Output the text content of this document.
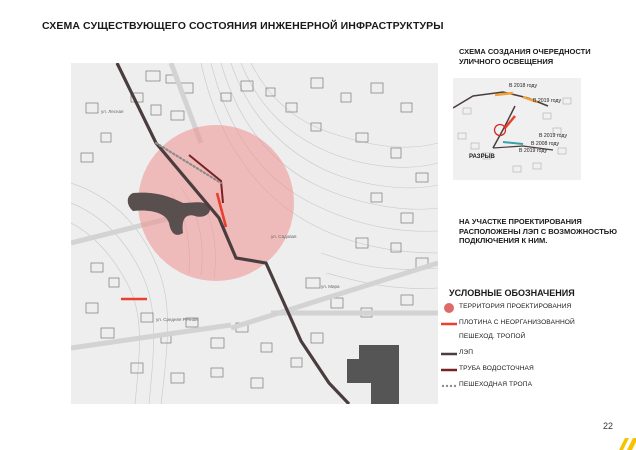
СХЕМА СУЩЕСТВУЮЩЕГО СОСТОЯНИЯ ИНЖЕНЕРНОЙ ИНФРАСТРУКТУРЫ
ул. Лесная
ул. Садовая
ул. Мира
ул. Средняя Речная
СХЕМА СОЗДАНИЯ ОЧЕРЕДНОСТИ
УЛИЧНОГО ОСВЕЩЕНИЯ
В 2018 году
В 2019 году
В 2019 году
В 2008 году
В 2019 году
РАЗРЫВ
НА УЧАСТКЕ ПРОЕКТИРОВАНИЯ
РАСПОЛОЖЕНЫ ЛЭП С ВОЗМОЖНОСТЬЮ
ПОДКЛЮЧЕНИЯ К НИМ.
УСЛОВНЫЕ ОБОЗНАЧЕНИЯ
ТЕРРИТОРИЯ ПРОЕКТИРОВАНИЯ
ПЛОТИНА С НЕОРГАНИЗОВАННОЙ
ПЕШЕХОД. ТРОПОЙ
ЛЭП
ТРУБА ВОДОСТОЧНАЯ
ПЕШЕХОДНАЯ ТРОПА
22
